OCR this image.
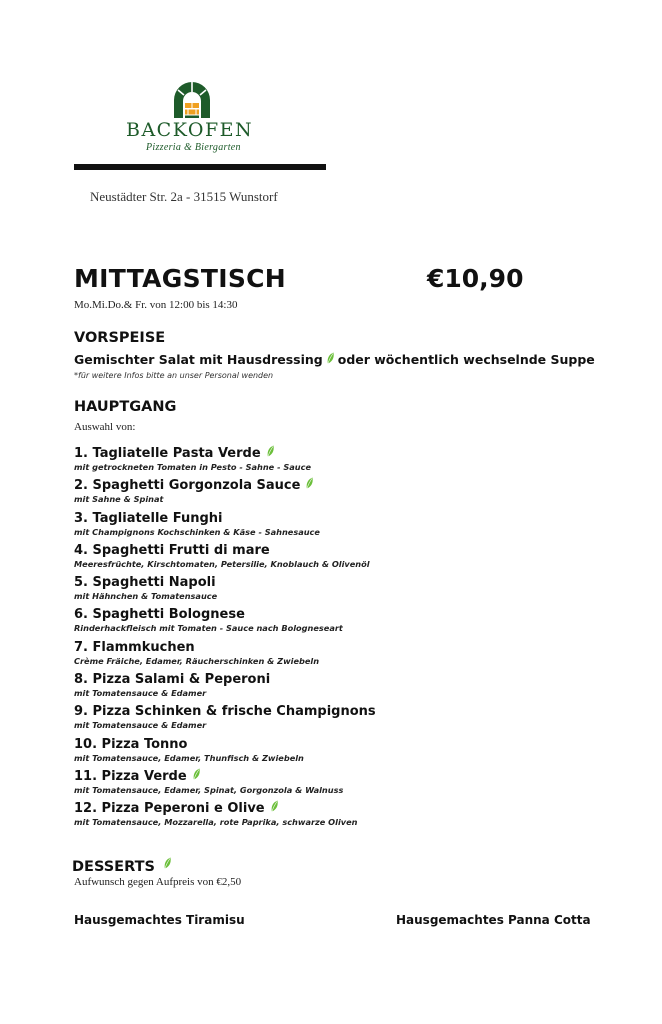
BACKOFEN
Pizzeria & Biergarten
Neustädter Str. 2a - 31515 Wunstorf
MITTAGSTISCH	€10,90
Mo.Mi.Do.& Fr. von 12:00 bis 14:30
VORSPEISE
Gemischter Salat mit Hausdressing oder wöchentlich wechselnde Suppe
*für weitere Infos bitte an unser Personal wenden
HAUPTGANG
Auswahl von:
1. Tagliatelle Pasta Verde
mit getrockneten Tomaten in Pesto - Sahne - Sauce
2. Spaghetti Gorgonzola Sauce
mit Sahne & Spinat
3. Tagliatelle Funghi
mit Champignons Kochschinken & Käse - Sahnesauce
4. Spaghetti Frutti di mare
Meeresfrüchte, Kirschtomaten, Petersilie, Knoblauch & Olivenöl
5. Spaghetti Napoli
mit Hähnchen & Tomatensauce
6. Spaghetti Bolognese
Rinderhackfleisch mit Tomaten - Sauce nach Bologneseart
7. Flammkuchen
Crème Fräiche, Edamer, Räucherschinken & Zwiebeln
8. Pizza Salami & Peperoni
mit Tomatensauce & Edamer
9. Pizza Schinken & frische Champignons
mit Tomatensauce & Edamer
10. Pizza Tonno
mit Tomatensauce, Edamer, Thunfisch & Zwiebeln
11. Pizza Verde
mit Tomatensauce, Edamer, Spinat, Gorgonzola & Walnuss
12. Pizza Peperoni e Olive
mit Tomatensauce, Mozzarella, rote Paprika, schwarze Oliven
DESSERTS
Aufwunsch gegen Aufpreis von €2,50
Hausgemachtes Tiramisu	Hausgemachtes Panna Cotta
